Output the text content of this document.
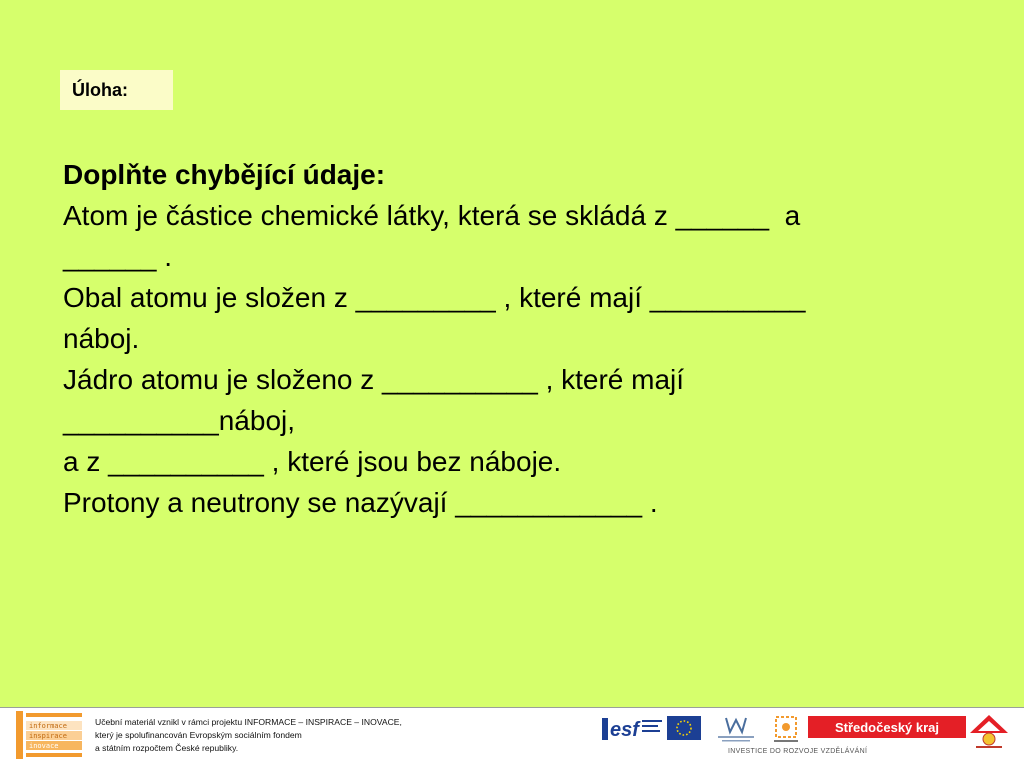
Úloha:
Doplňte chybějící údaje:
Atom je částice chemické látky, která se skládá z ______  a
______ .
Obal atomu je složen z _________ , které mají __________
náboj.
Jádro atomu je složeno z __________ , které mají
__________náboj,
a z __________ , které jsou bez náboje.
Protony a neutrony se nazývají ____________ .
informace
inspirace
inovace
Učební materiál vznikl v rámci projektu INFORMACE – INSPIRACE – INOVACE,
který je spolufinancován Evropským sociálním fondem
a státním rozpočtem České republiky.
esf	Středočeský kraj
INVESTICE DO ROZVOJE VZDĚLÁVÁNÍ
